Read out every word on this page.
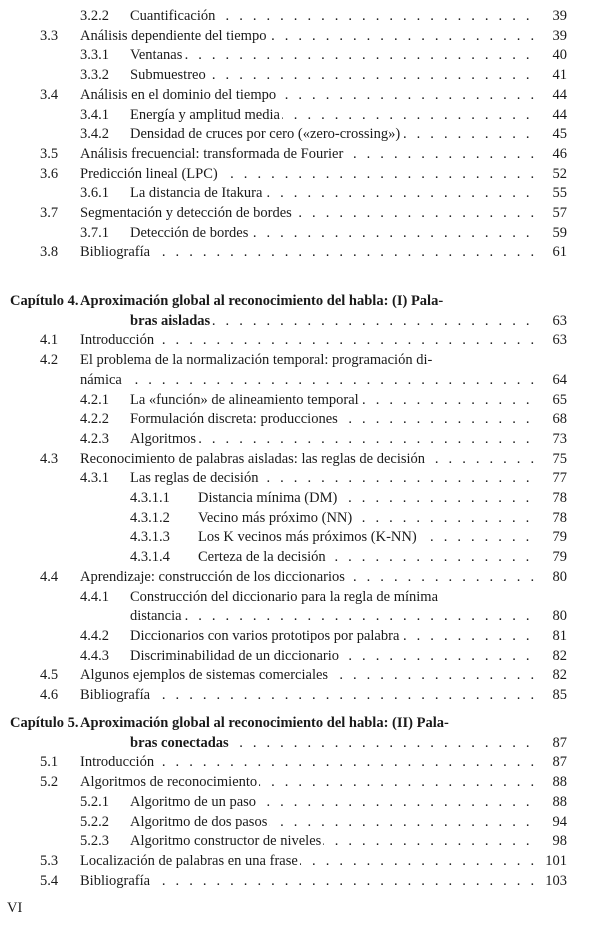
3.2.2 Cuantificación . . .	39
3.3 Análisis dependiente del tiempo . . .	39
3.3.1 Ventanas . . .	40
3.3.2 Submuestreo . . .	41
3.4 Análisis en el dominio del tiempo . . .	44
3.4.1 Energía y amplitud media . . .	44
3.4.2 Densidad de cruces por cero («zero-crossing») . . .	45
3.5 Análisis frecuencial: transformada de Fourier . . .	46
3.6 Predicción lineal (LPC) . . .	52
3.6.1 La distancia de Itakura . . .	55
3.7 Segmentación y detección de bordes . . .	57
3.7.1 Detección de bordes . . .	59
3.8 Bibliografía . . .	61
Capítulo 4. Aproximación global al reconocimiento del habla: (I) Pala-
bras aisladas . . .	63
4.1 Introducción . . .	63
4.2 El problema de la normalización temporal: programación di-
námica . . .	64
4.2.1 La «función» de alineamiento temporal . . .	65
4.2.2 Formulación discreta: producciones . . .	68
4.2.3 Algoritmos . . .	73
4.3 Reconocimiento de palabras aisladas: las reglas de decisión . . .	75
4.3.1 Las reglas de decisión . . .	77
4.3.1.1 Distancia mínima (DM) . . .	78
4.3.1.2 Vecino más próximo (NN) . . .	78
4.3.1.3 Los K vecinos más próximos (K-NN) . . .	79
4.3.1.4 Certeza de la decisión . . .	79
4.4 Aprendizaje: construcción de los diccionarios . . .	80
4.4.1 Construcción del diccionario para la regla de mínima
distancia . . .	80
4.4.2 Diccionarios con varios prototipos por palabra . . .	81
4.4.3 Discriminabilidad de un diccionario . . .	82
4.5 Algunos ejemplos de sistemas comerciales . . .	82
4.6 Bibliografía . . .	85
Capítulo 5. Aproximación global al reconocimiento del habla: (II) Pala-
bras conectadas . . .	87
5.1 Introducción . . .	87
5.2 Algoritmos de reconocimiento . . .	88
5.2.1 Algoritmo de un paso . . .	88
5.2.2 Algoritmo de dos pasos . . .	94
5.2.3 Algoritmo constructor de niveles . . .	98
5.3 Localización de palabras en una frase . . .	101
5.4 Bibliografía . . .	103
VI
